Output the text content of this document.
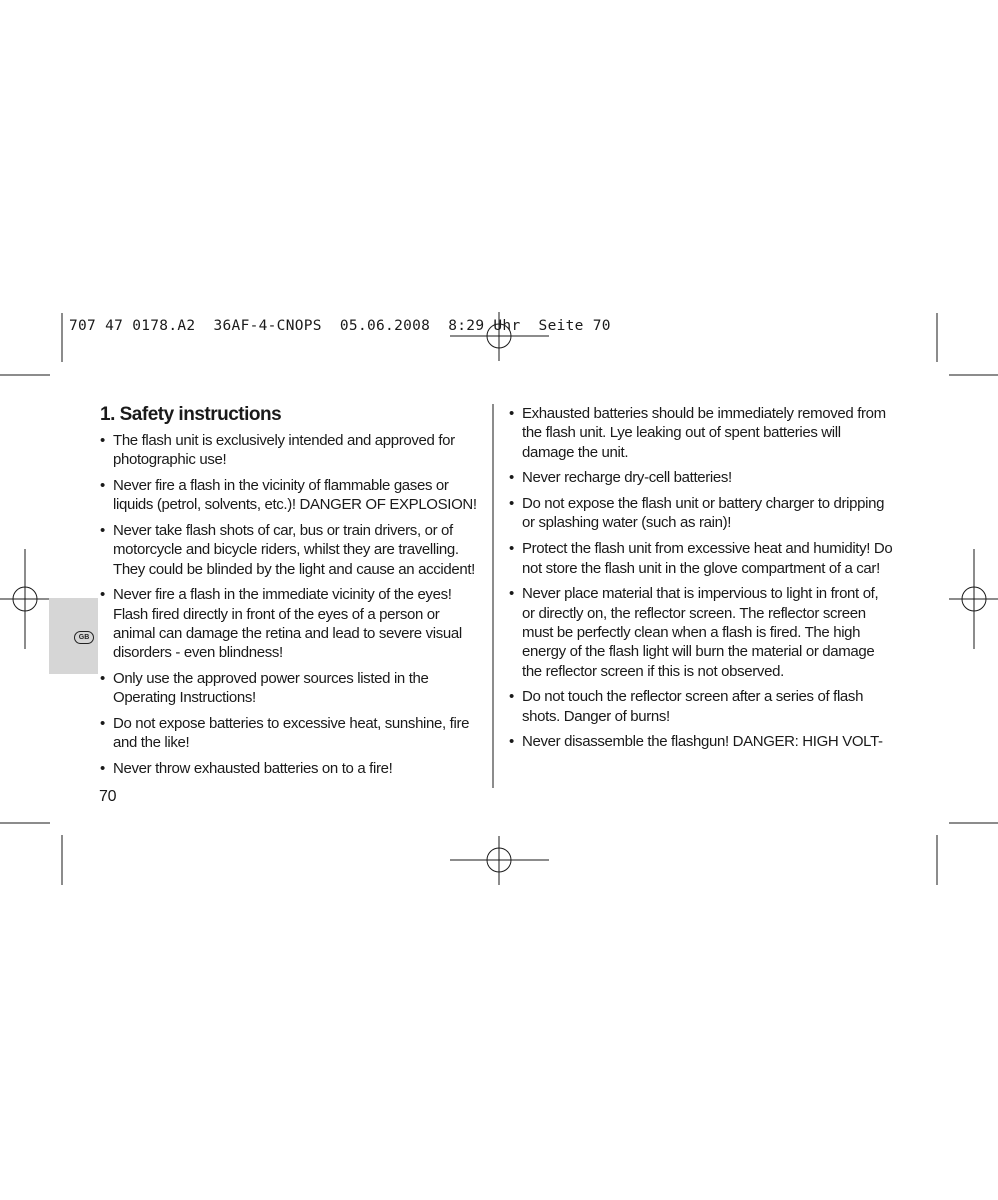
707 47 0178.A2  36AF-4-CNOPS  05.06.2008  8:29 Uhr  Seite 70
GB
1. Safety instructions
• The flash unit is exclusively intended and approved for photographic use!
• Never fire a flash in the vicinity of flammable gases or liquids (petrol, solvents, etc.)! DANGER OF EXPLOSION!
• Never take flash shots of car, bus or train drivers, or of motorcycle and bicycle riders, whilst they are travelling. They could be blinded by the light and cause an accident!
• Never fire a flash in the immediate vicinity of the eyes! Flash fired directly in front of the eyes of a person or animal can damage the retina and lead to severe visual disorders - even blindness!
• Only use the approved power sources listed in the Operating Instructions!
• Do not expose batteries to excessive heat, sunshine, fire and the like!
• Never throw exhausted batteries on to a fire!
• Exhausted batteries should be immediately removed from the flash unit. Lye leaking out of spent batteries will damage the unit.
• Never recharge dry-cell batteries!
• Do not expose the flash unit or battery charger to dripping or splashing water (such as rain)!
• Protect the flash unit from excessive heat and humidity! Do not store the flash unit in the glove compartment of a car!
• Never place material that is impervious to light in front of, or directly on, the reflector screen. The reflector screen must be perfectly clean when a flash is fired. The high energy of the flash light will burn the material or damage the reflector screen if this is not observed.
• Do not touch the reflector screen after a series of flash shots. Danger of burns!
• Never disassemble the flashgun! DANGER: HIGH VOLT-
70
